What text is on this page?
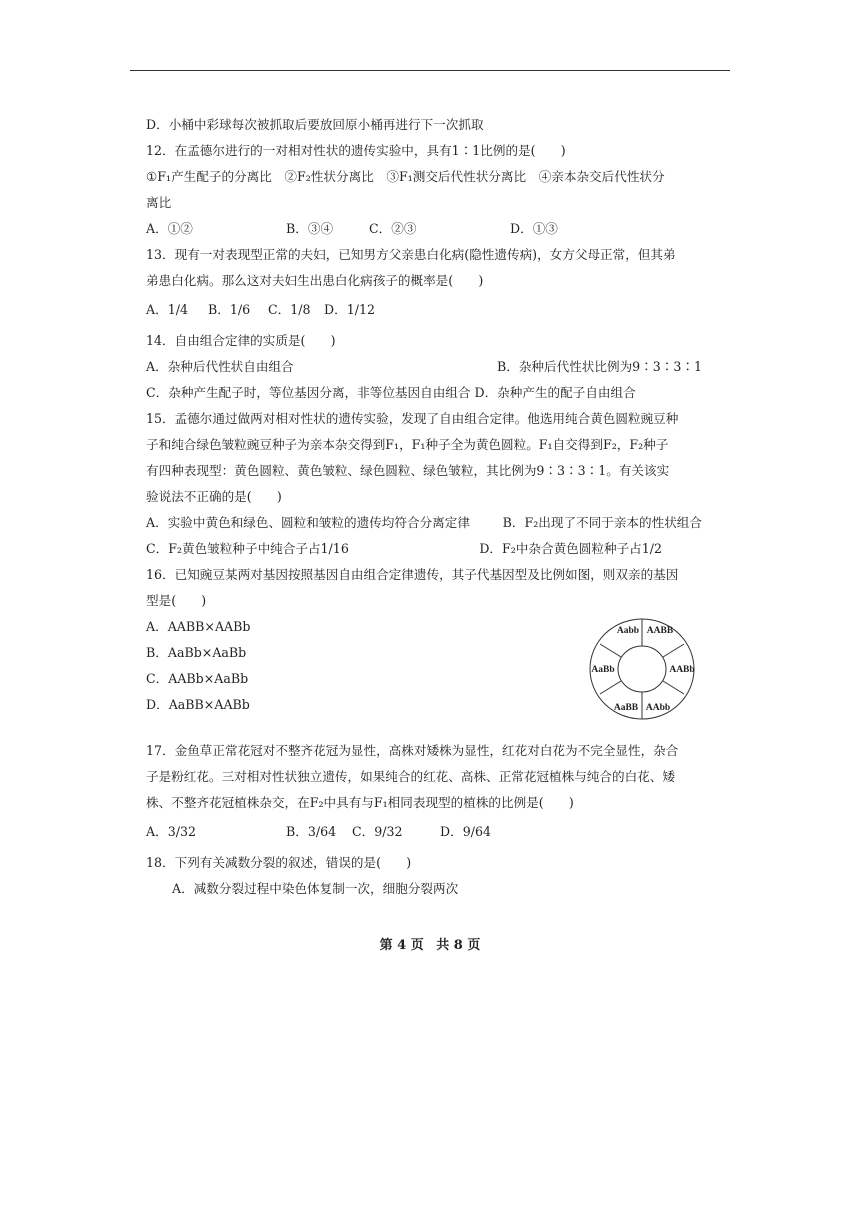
D．小桶中彩球每次被抓取后要放回原小桶再进行下一次抓取
12．在孟德尔进行的一对相对性状的遗传实验中，具有1∶1比例的是(　　)
①F₁产生配子的分离比　②F₂性状分离比　③F₁测交后代性状分离比　④亲本杂交后代性状分
离比
A．①②	B．③④	C．②③	D．①③
13．现有一对表现型正常的夫妇，已知男方父亲患白化病(隐性遗传病)，女方父母正常，但其弟
弟患白化病。那么这对夫妇生出患白化病孩子的概率是(　　)
A．1/4 B．1/6 C．1/8 D．1/12
14．自由组合定律的实质是(　　)
A．杂种后代性状自由组合	B．杂种后代性状比例为9∶3∶3∶1
C．杂种产生配子时，等位基因分离，非等位基因自由组合 D．杂种产生的配子自由组合
15．孟德尔通过做两对相对性状的遗传实验，发现了自由组合定律。他选用纯合黄色圆粒豌豆种
子和纯合绿色皱粒豌豆种子为亲本杂交得到F₁，F₁种子全为黄色圆粒。F₁自交得到F₂，F₂种子
有四种表现型：黄色圆粒、黄色皱粒、绿色圆粒、绿色皱粒，其比例为9∶3∶3∶1。有关该实
验说法不正确的是(　　)
A．实验中黄色和绿色、圆粒和皱粒的遗传均符合分离定律	B．F₂出现了不同于亲本的性状组合
C．F₂黄色皱粒种子中纯合子占1/16	D．F₂中杂合黄色圆粒种子占1/2
16．已知豌豆某两对基因按照基因自由组合定律遗传，其子代基因型及比例如图，则双亲的基因
型是(　　)
A．AABB×AABb
B．AaBb×AaBb
C．AABb×AaBb
D．AaBB×AABb
Aabb AABB
AABb
AAbb
AaBB
AaBb
17．金鱼草正常花冠对不整齐花冠为显性，高株对矮株为显性，红花对白花为不完全显性，杂合
子是粉红花。三对相对性状独立遗传，如果纯合的红花、高株、正常花冠植株与纯合的白花、矮
株、不整齐花冠植株杂交，在F₂中具有与F₁相同表现型的植株的比例是(　　)
A．3/32	B．3/64 C．9/32	D．9/64
18．下列有关减数分裂的叙述，错误的是(　　)
A．减数分裂过程中染色体复制一次，细胞分裂两次
第 4 页 共 8 页
